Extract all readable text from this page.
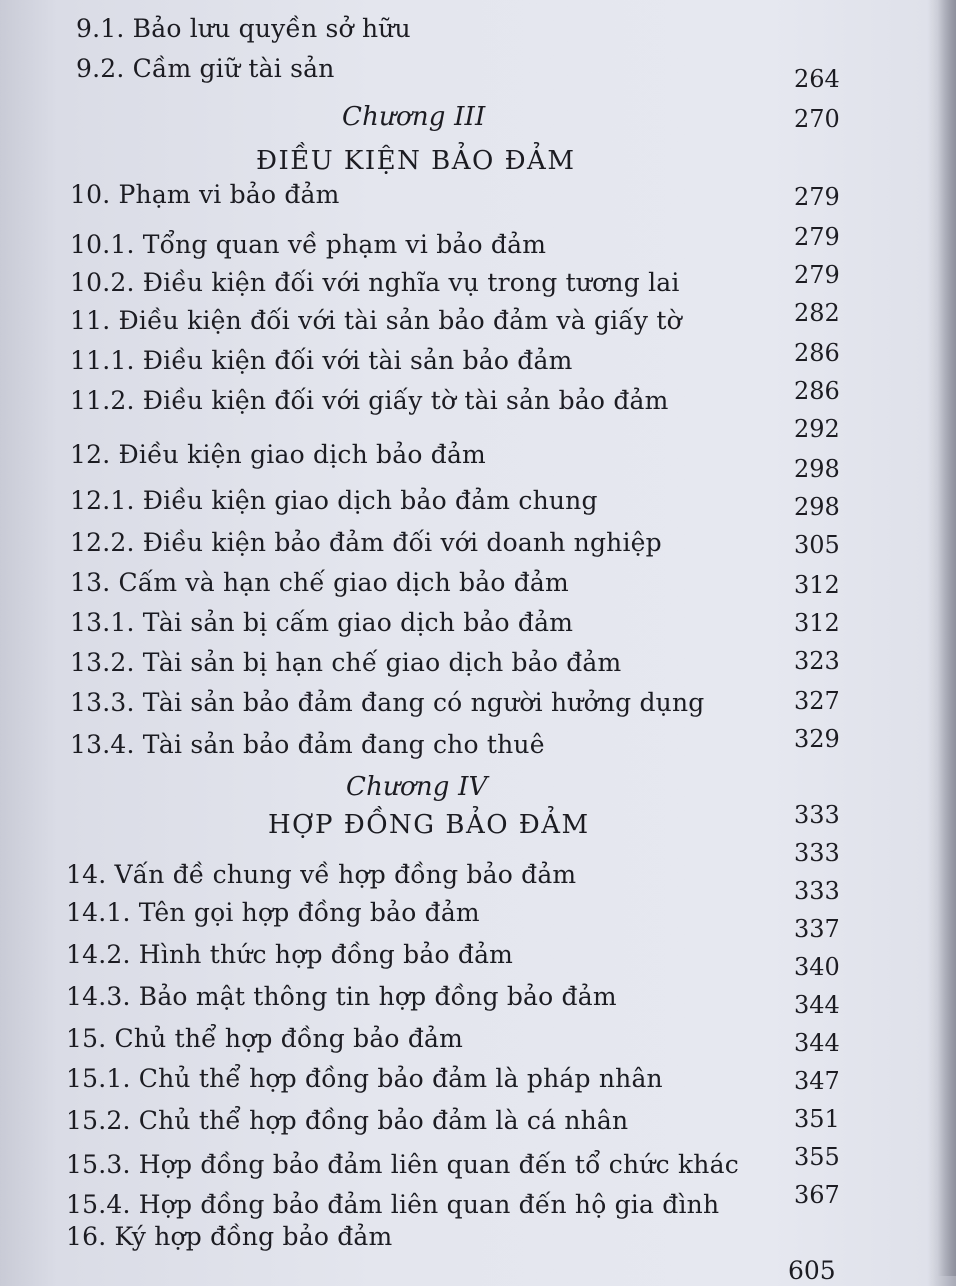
9.1. Bảo lưu quyền sở hữu
9.2. Cầm giữ tài sản
Chương III
ĐIỀU KIỆN BẢO ĐẢM
10. Phạm vi bảo đảm
10.1. Tổng quan về phạm vi bảo đảm
10.2. Điều kiện đối với nghĩa vụ trong tương lai
11. Điều kiện đối với tài sản bảo đảm và giấy tờ
11.1. Điều kiện đối với tài sản bảo đảm
11.2. Điều kiện đối với giấy tờ tài sản bảo đảm
12. Điều kiện giao dịch bảo đảm
12.1. Điều kiện giao dịch bảo đảm chung
12.2. Điều kiện bảo đảm đối với doanh nghiệp
13. Cấm và hạn chế giao dịch bảo đảm
13.1. Tài sản bị cấm giao dịch bảo đảm
13.2. Tài sản bị hạn chế giao dịch bảo đảm
13.3. Tài sản bảo đảm đang có người hưởng dụng
13.4. Tài sản bảo đảm đang cho thuê
Chương IV
HỢP ĐỒNG BẢO ĐẢM
14. Vấn đề chung về hợp đồng bảo đảm
14.1. Tên gọi hợp đồng bảo đảm
14.2. Hình thức hợp đồng bảo đảm
14.3. Bảo mật thông tin hợp đồng bảo đảm
15. Chủ thể hợp đồng bảo đảm
15.1. Chủ thể hợp đồng bảo đảm là pháp nhân
15.2. Chủ thể hợp đồng bảo đảm là cá nhân
15.3. Hợp đồng bảo đảm liên quan đến tổ chức khác
15.4. Hợp đồng bảo đảm liên quan đến hộ gia đình
16. Ký hợp đồng bảo đảm
264
270
279
279
279
282
286
286
292
298
298
305
312
312
323
327
329
333
333
333
337
340
344
344
347
351
355
367
605
